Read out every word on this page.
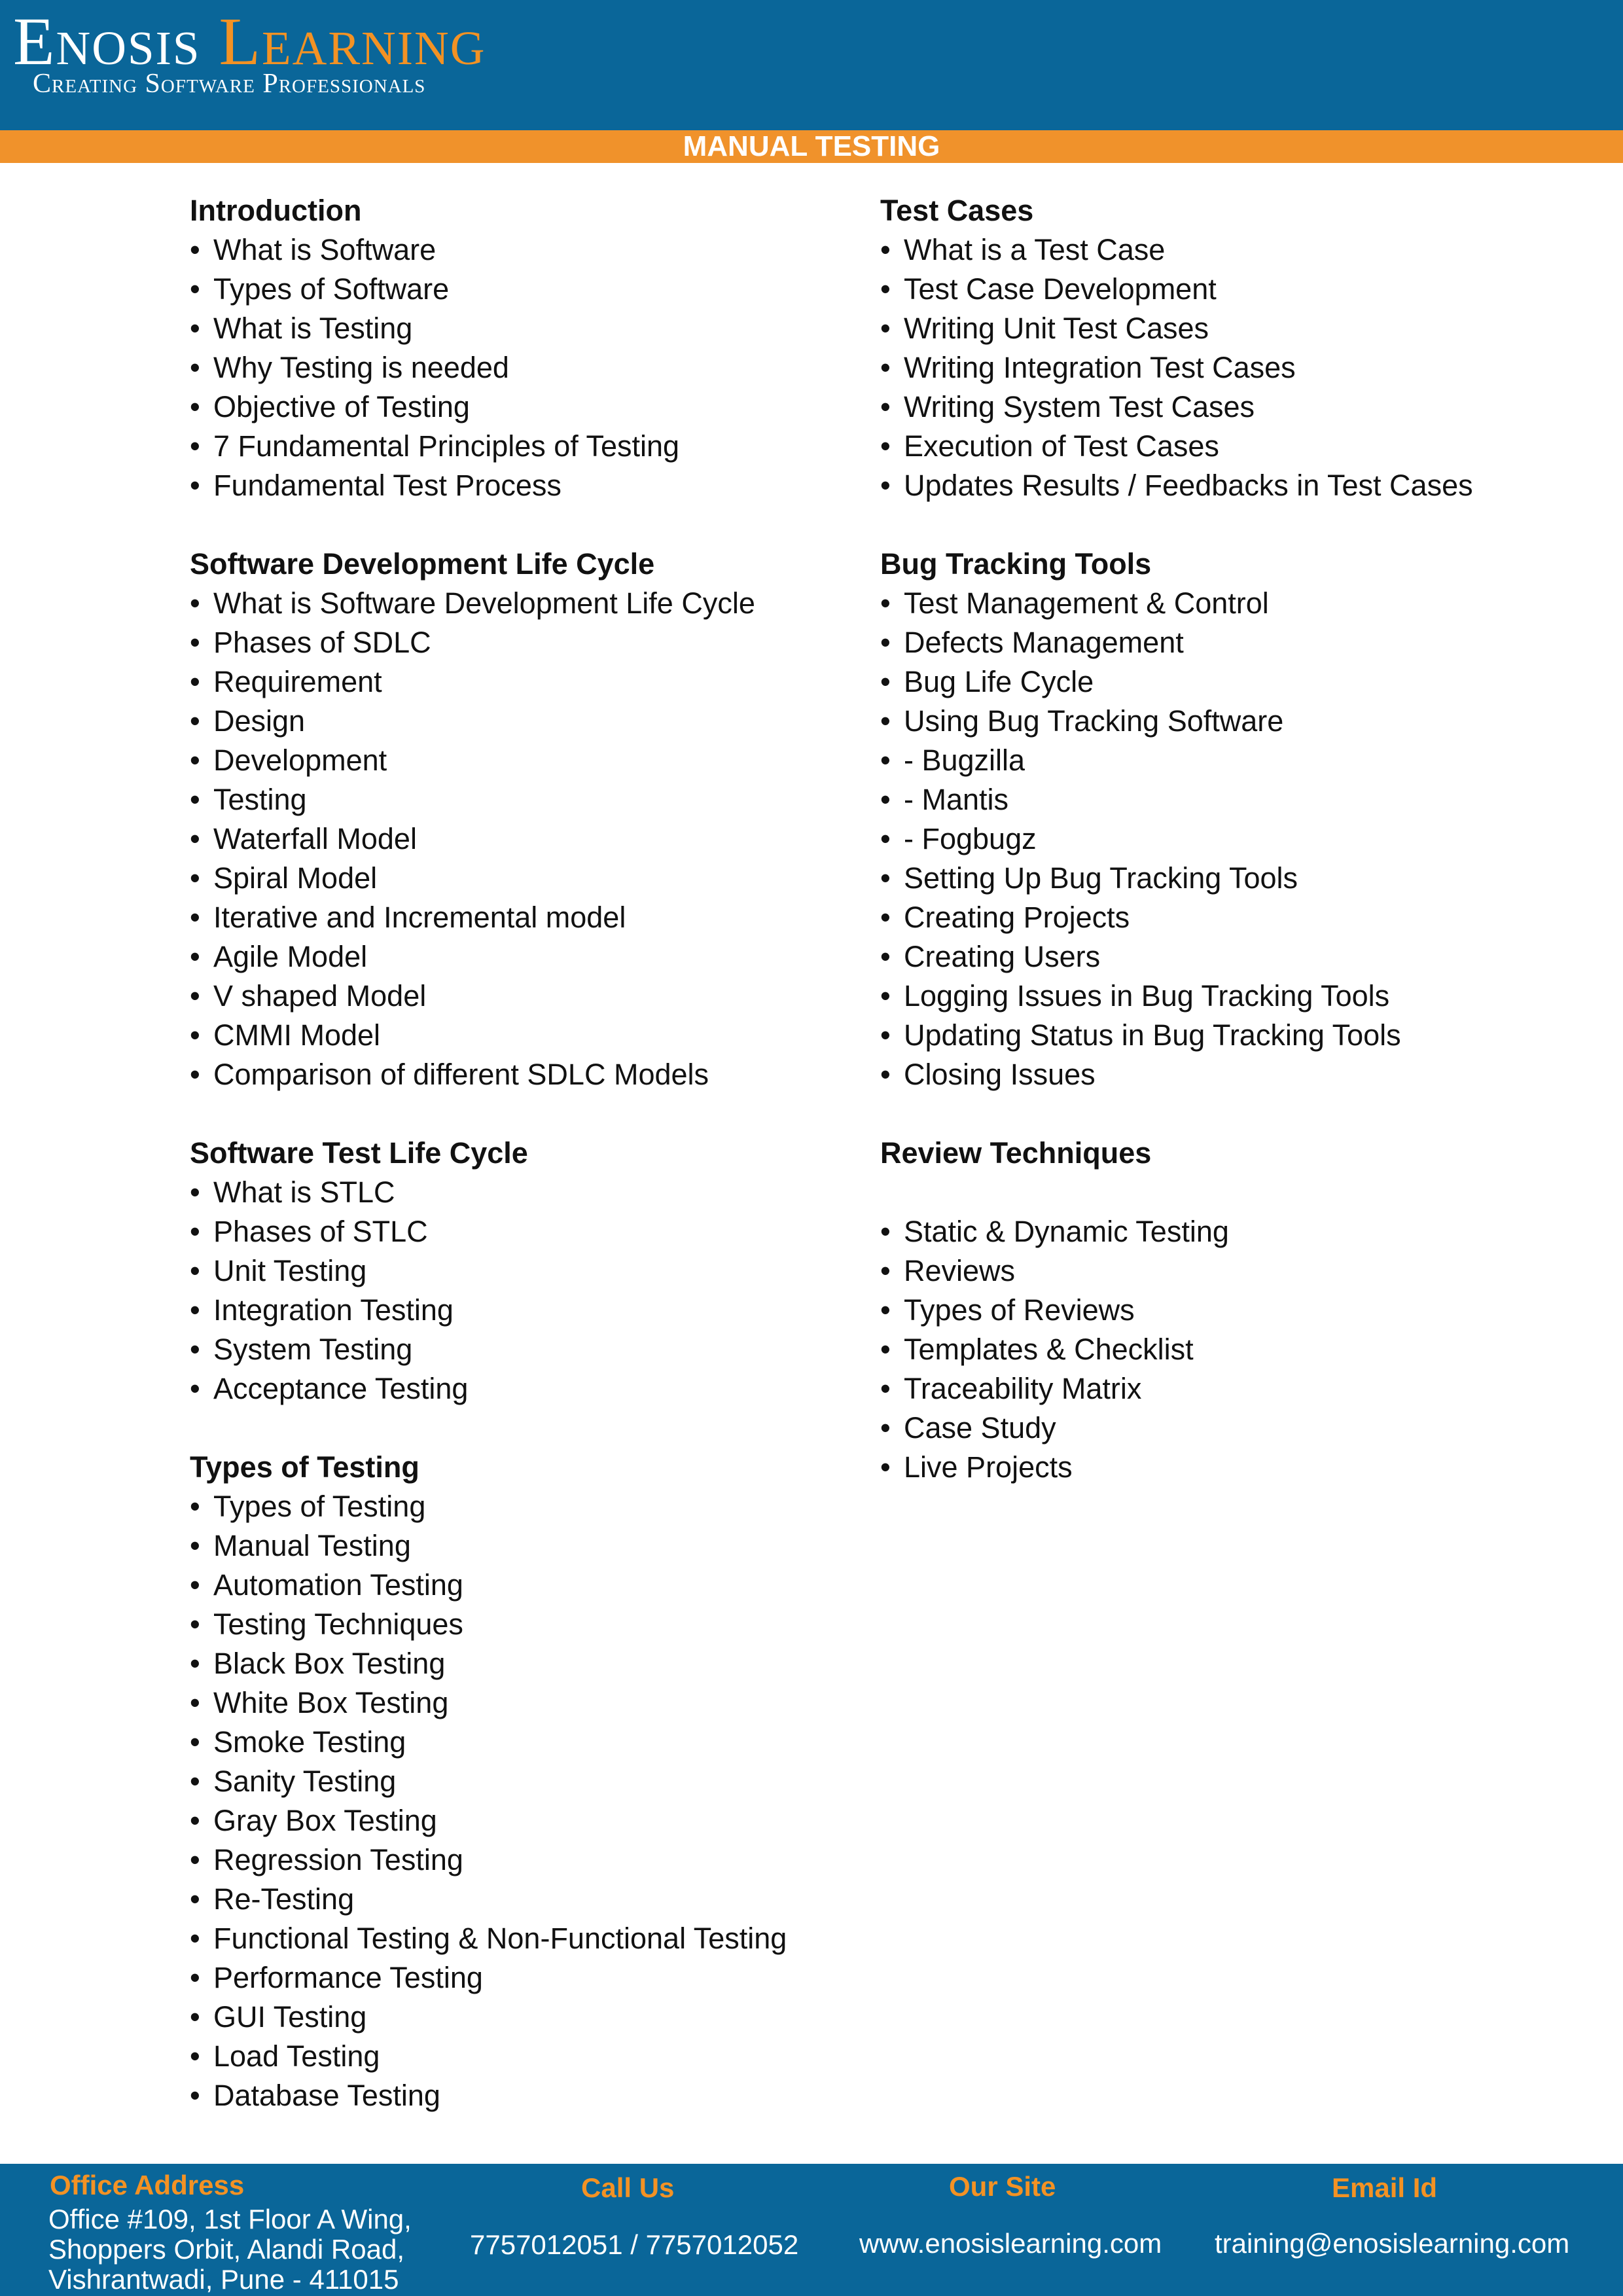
Enosis Learning
Creating Software Professionals
MANUAL TESTING
Introduction
• What is Software
• Types of Software
• What is Testing
• Why Testing is needed
• Objective of Testing
• 7 Fundamental Principles of Testing
• Fundamental Test Process
Software Development Life Cycle
• What is Software Development Life Cycle
• Phases of SDLC
• Requirement
• Design
• Development
• Testing
• Waterfall Model
• Spiral Model
• Iterative and Incremental model
• Agile Model
• V shaped Model
• CMMI Model
• Comparison of different SDLC Models
Software Test Life Cycle
• What is STLC
• Phases of STLC
• Unit Testing
• Integration Testing
• System Testing
• Acceptance Testing
Types of Testing
• Types of Testing
• Manual Testing
• Automation Testing
• Testing Techniques
• Black Box Testing
• White Box Testing
• Smoke Testing
• Sanity Testing
• Gray Box Testing
• Regression Testing
• Re-Testing
• Functional Testing & Non-Functional Testing
• Performance Testing
• GUI Testing
• Load Testing
• Database Testing
Test Cases
• What is a Test Case
• Test Case Development
• Writing Unit Test Cases
• Writing Integration Test Cases
• Writing System Test Cases
• Execution of Test Cases
• Updates Results / Feedbacks in Test Cases
Bug Tracking Tools
• Test Management & Control
• Defects Management
• Bug Life Cycle
• Using Bug Tracking Software
• - Bugzilla
• - Mantis
• - Fogbugz
• Setting Up Bug Tracking Tools
• Creating Projects
• Creating Users
• Logging Issues in Bug Tracking Tools
• Updating Status in Bug Tracking Tools
• Closing Issues
Review Techniques
• Static & Dynamic Testing
• Reviews
• Types of Reviews
• Templates & Checklist
• Traceability Matrix
• Case Study
• Live Projects
Office Address
Office #109, 1st Floor A Wing,
Shoppers Orbit, Alandi Road,
Vishrantwadi, Pune - 411015
Call Us
7757012051 / 7757012052
Our Site
www.enosislearning.com
Email Id
training@enosislearning.com
